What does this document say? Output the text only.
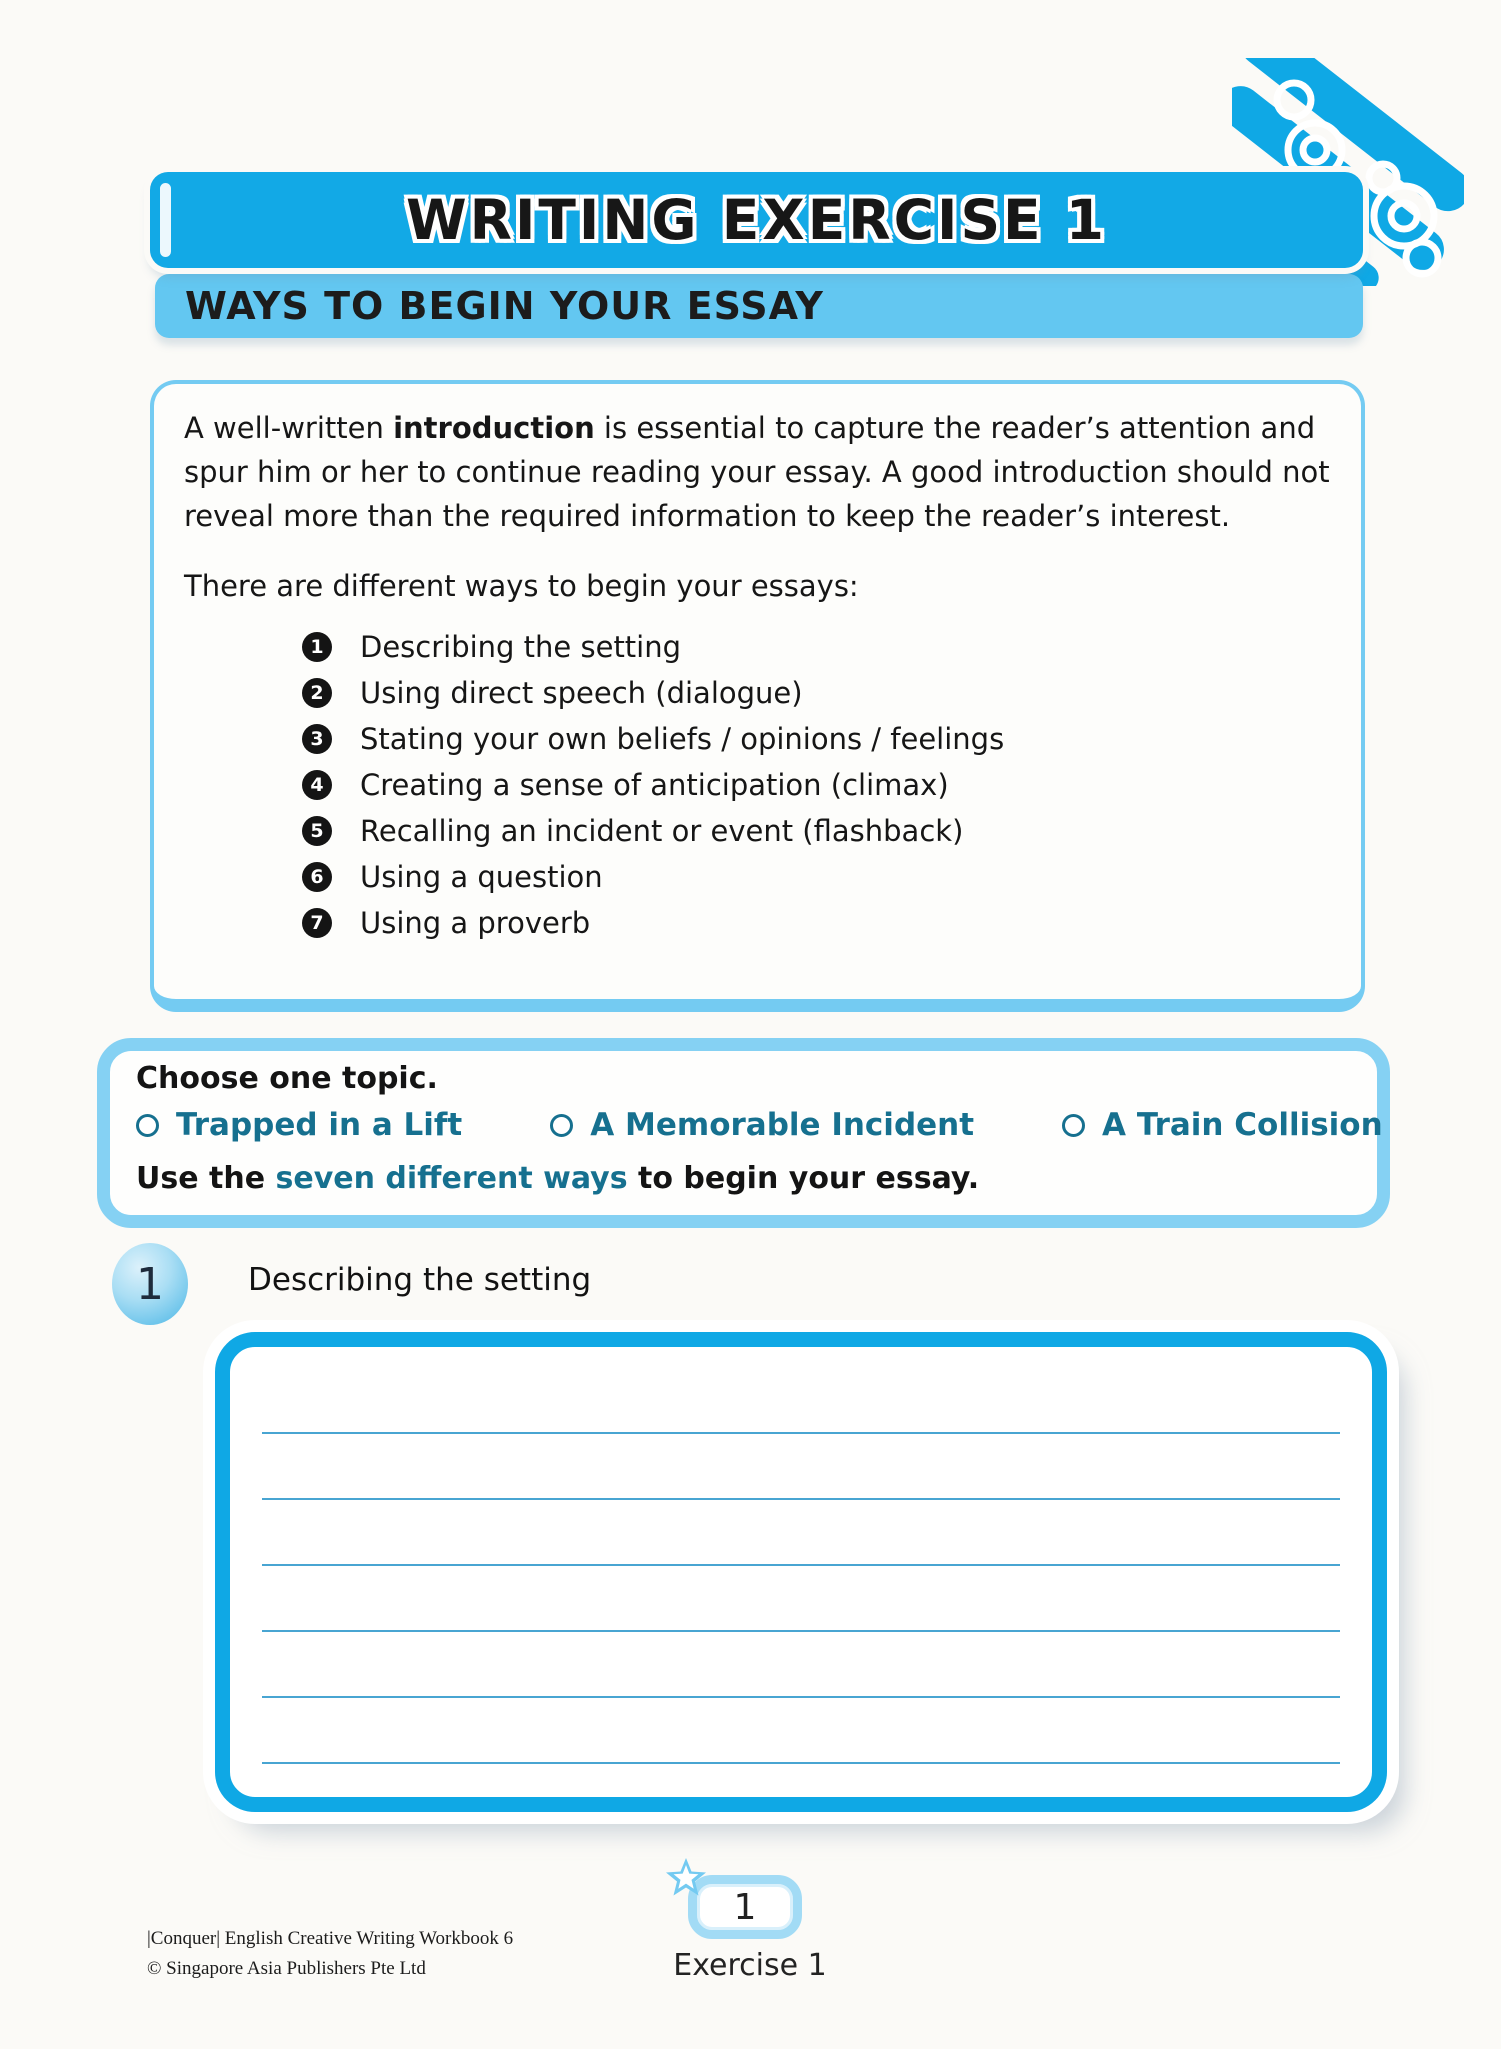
WRITING EXERCISE 1
WAYS TO BEGIN YOUR ESSAY

A well-written introduction is essential to capture the reader’s attention and spur him or her to continue reading your essay. A good introduction should not reveal more than the required information to keep the reader’s interest.

There are different ways to begin your essays:

1 Describing the setting
2 Using direct speech (dialogue)
3 Stating your own beliefs / opinions / feelings
4 Creating a sense of anticipation (climax)
5 Recalling an incident or event (flashback)
6 Using a question
7 Using a proverb
Choose one topic.
Trapped in a Lift	A Memorable Incident	A Train Collision
Use the seven different ways to begin your essay.
1	Describing the setting
1
Exercise 1
|Conquer| English Creative Writing Workbook 6
© Singapore Asia Publishers Pte Ltd
